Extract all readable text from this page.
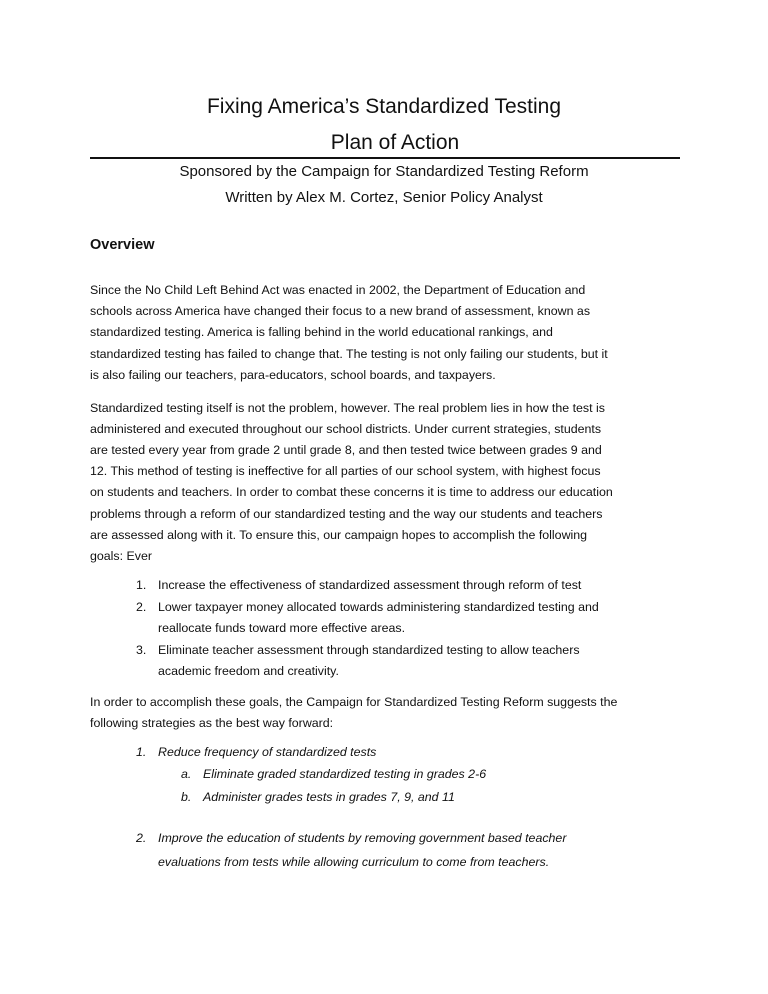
Fixing America’s Standardized Testing
Plan of Action
Sponsored by the Campaign for Standardized Testing Reform
Written by Alex M. Cortez, Senior Policy Analyst
Overview
Since the No Child Left Behind Act was enacted in 2002, the Department of Education and
schools across America have changed their focus to a new brand of assessment, known as
standardized testing. America is falling behind in the world educational rankings, and
standardized testing has failed to change that. The testing is not only failing our students, but it
is also failing our teachers, para-educators, school boards, and taxpayers.
Standardized testing itself is not the problem, however. The real problem lies in how the test is
administered and executed throughout our school districts. Under current strategies, students
are tested every year from grade 2 until grade 8, and then tested twice between grades 9 and
12. This method of testing is ineffective for all parties of our school system, with highest focus
on students and teachers. In order to combat these concerns it is time to address our education
problems through a reform of our standardized testing and the way our students and teachers
are assessed along with it. To ensure this, our campaign hopes to accomplish the following
goals: Ever
1. Increase the effectiveness of standardized assessment through reform of test
2. Lower taxpayer money allocated towards administering standardized testing and
reallocate funds toward more effective areas.
3. Eliminate teacher assessment through standardized testing to allow teachers
academic freedom and creativity.
In order to accomplish these goals, the Campaign for Standardized Testing Reform suggests the
following strategies as the best way forward:
1. Reduce frequency of standardized tests
a. Eliminate graded standardized testing in grades 2-6
b. Administer grades tests in grades 7, 9, and 11
2. Improve the education of students by removing government based teacher
evaluations from tests while allowing curriculum to come from teachers.
